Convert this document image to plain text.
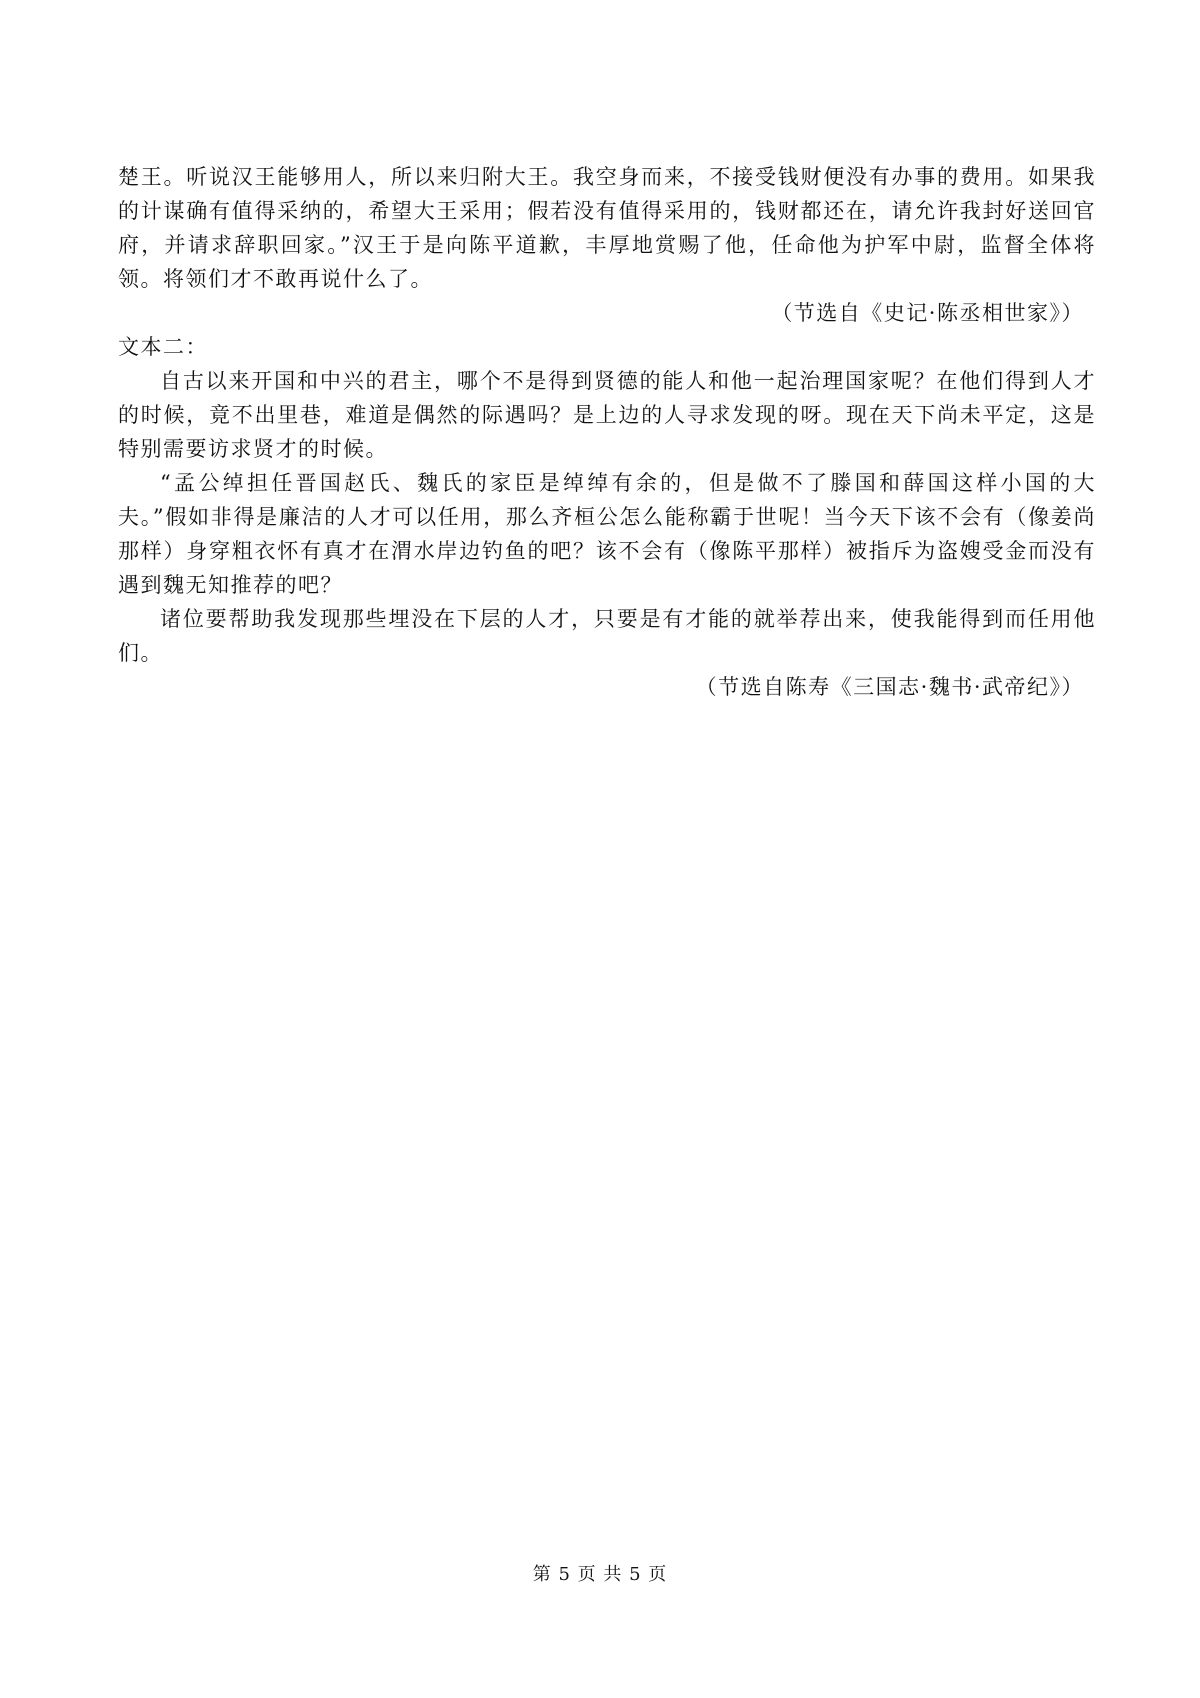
楚王。听说汉王能够用人，所以来归附大王。我空身而来，不接受钱财便没有办事的费用。如果我的计谋确有值得采纳的，希望大王采用；假若没有值得采用的，钱财都还在，请允许我封好送回官府，并请求辞职回家。”汉王于是向陈平道歉，丰厚地赏赐了他，任命他为护军中尉，监督全体将领。将领们才不敢再说什么了。

（节选自《史记·陈丞相世家》）

文本二：

自古以来开国和中兴的君主，哪个不是得到贤德的能人和他一起治理国家呢？在他们得到人才的时候，竟不出里巷，难道是偶然的际遇吗？是上边的人寻求发现的呀。现在天下尚未平定，这是特别需要访求贤才的时候。

“孟公绰担任晋国赵氏、魏氏的家臣是绰绰有余的，但是做不了滕国和薛国这样小国的大夫。”假如非得是廉洁的人才可以任用，那么齐桓公怎么能称霸于世呢！当今天下该不会有（像姜尚那样）身穿粗衣怀有真才在渭水岸边钓鱼的吧？该不会有（像陈平那样）被指斥为盗嫂受金而没有遇到魏无知推荐的吧？

诸位要帮助我发现那些埋没在下层的人才，只要是有才能的就举荐出来，使我能得到而任用他们。

（节选自陈寿《三国志·魏书·武帝纪》）

第 5 页 共 5 页
